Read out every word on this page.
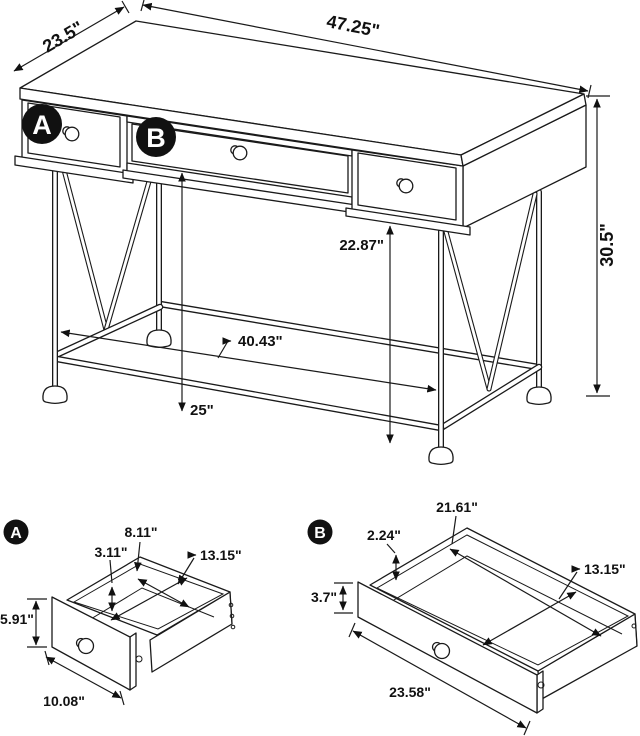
A	B
23.5"	47.25"
30.5"
22.87"
25"
40.43"
A	8.11"
3.11"	13.15"
5.91"
10.08"
B
21.61"
2.24"
13.15"
3.7"
23.58"
